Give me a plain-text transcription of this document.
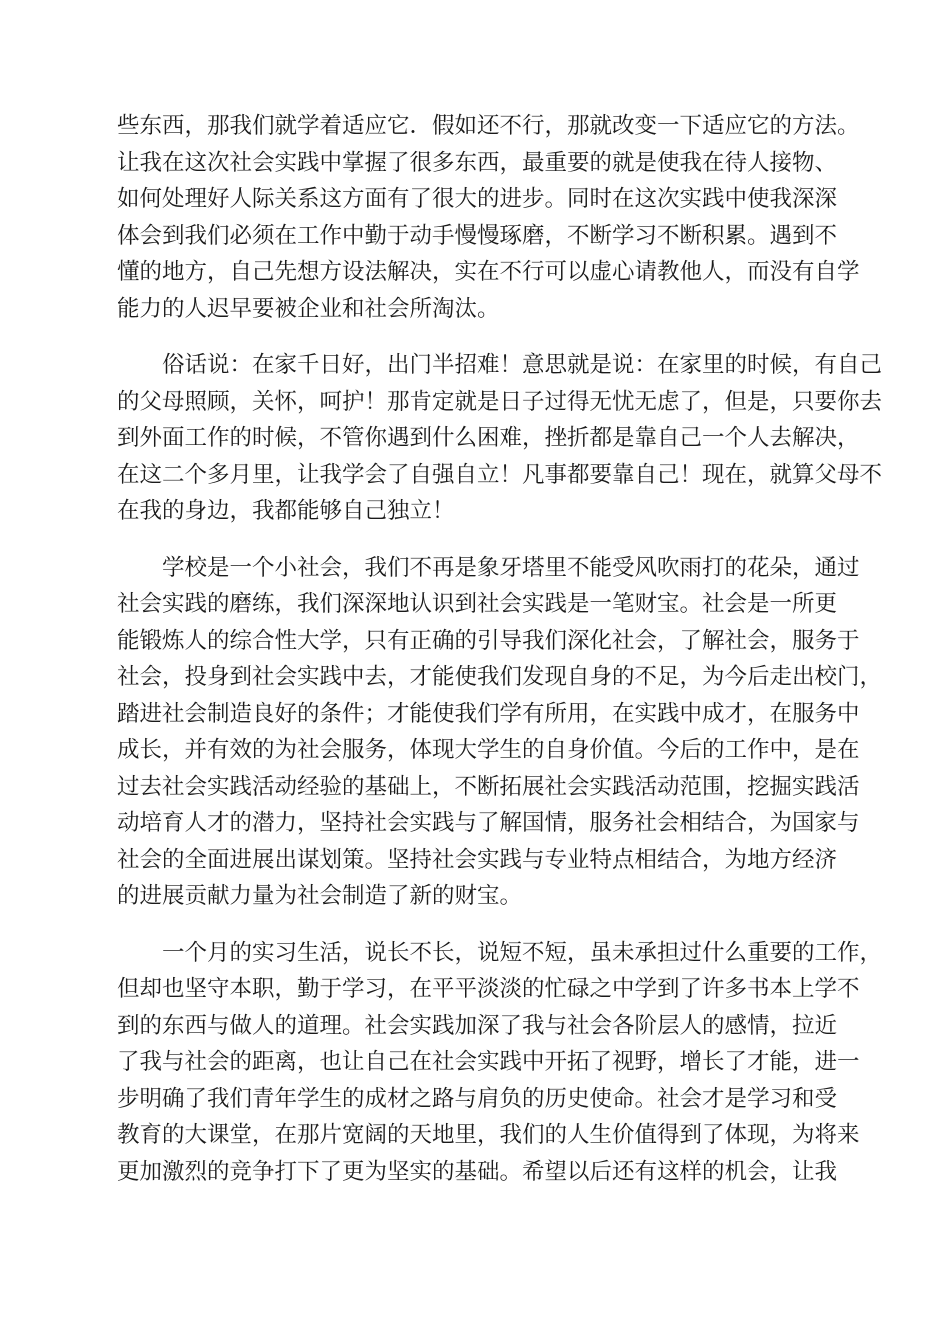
些东西，那我们就学着适应它．假如还不行，那就改变一下适应它的方法。
让我在这次社会实践中掌握了很多东西，最重要的就是使我在待人接物、
如何处理好人际关系这方面有了很大的进步。同时在这次实践中使我深深
体会到我们必须在工作中勤于动手慢慢琢磨，不断学习不断积累。遇到不
懂的地方，自己先想方设法解决，实在不行可以虚心请教他人，而没有自学
能力的人迟早要被企业和社会所淘汰。
俗话说：在家千日好，出门半招难！意思就是说：在家里的时候，有自己
的父母照顾，关怀，呵护！那肯定就是日子过得无忧无虑了，但是，只要你去
到外面工作的时候，不管你遇到什么困难，挫折都是靠自己一个人去解决，
在这二个多月里，让我学会了自强自立！凡事都要靠自己！现在，就算父母不
在我的身边，我都能够自己独立！
学校是一个小社会，我们不再是象牙塔里不能受风吹雨打的花朵，通过
社会实践的磨练，我们深深地认识到社会实践是一笔财宝。社会是一所更
能锻炼人的综合性大学，只有正确的引导我们深化社会，了解社会，服务于
社会，投身到社会实践中去，才能使我们发现自身的不足，为今后走出校门，
踏进社会制造良好的条件；才能使我们学有所用，在实践中成才，在服务中
成长，并有效的为社会服务，体现大学生的自身价值。今后的工作中，是在
过去社会实践活动经验的基础上，不断拓展社会实践活动范围，挖掘实践活
动培育人才的潜力，坚持社会实践与了解国情，服务社会相结合，为国家与
社会的全面进展出谋划策。坚持社会实践与专业特点相结合，为地方经济
的进展贡献力量为社会制造了新的财宝。
一个月的实习生活，说长不长，说短不短，虽未承担过什么重要的工作，
但却也坚守本职，勤于学习，在平平淡淡的忙碌之中学到了许多书本上学不
到的东西与做人的道理。社会实践加深了我与社会各阶层人的感情，拉近
了我与社会的距离，也让自己在社会实践中开拓了视野，增长了才能，进一
步明确了我们青年学生的成材之路与肩负的历史使命。社会才是学习和受
教育的大课堂，在那片宽阔的天地里，我们的人生价值得到了体现，为将来
更加激烈的竞争打下了更为坚实的基础。希望以后还有这样的机会，让我
